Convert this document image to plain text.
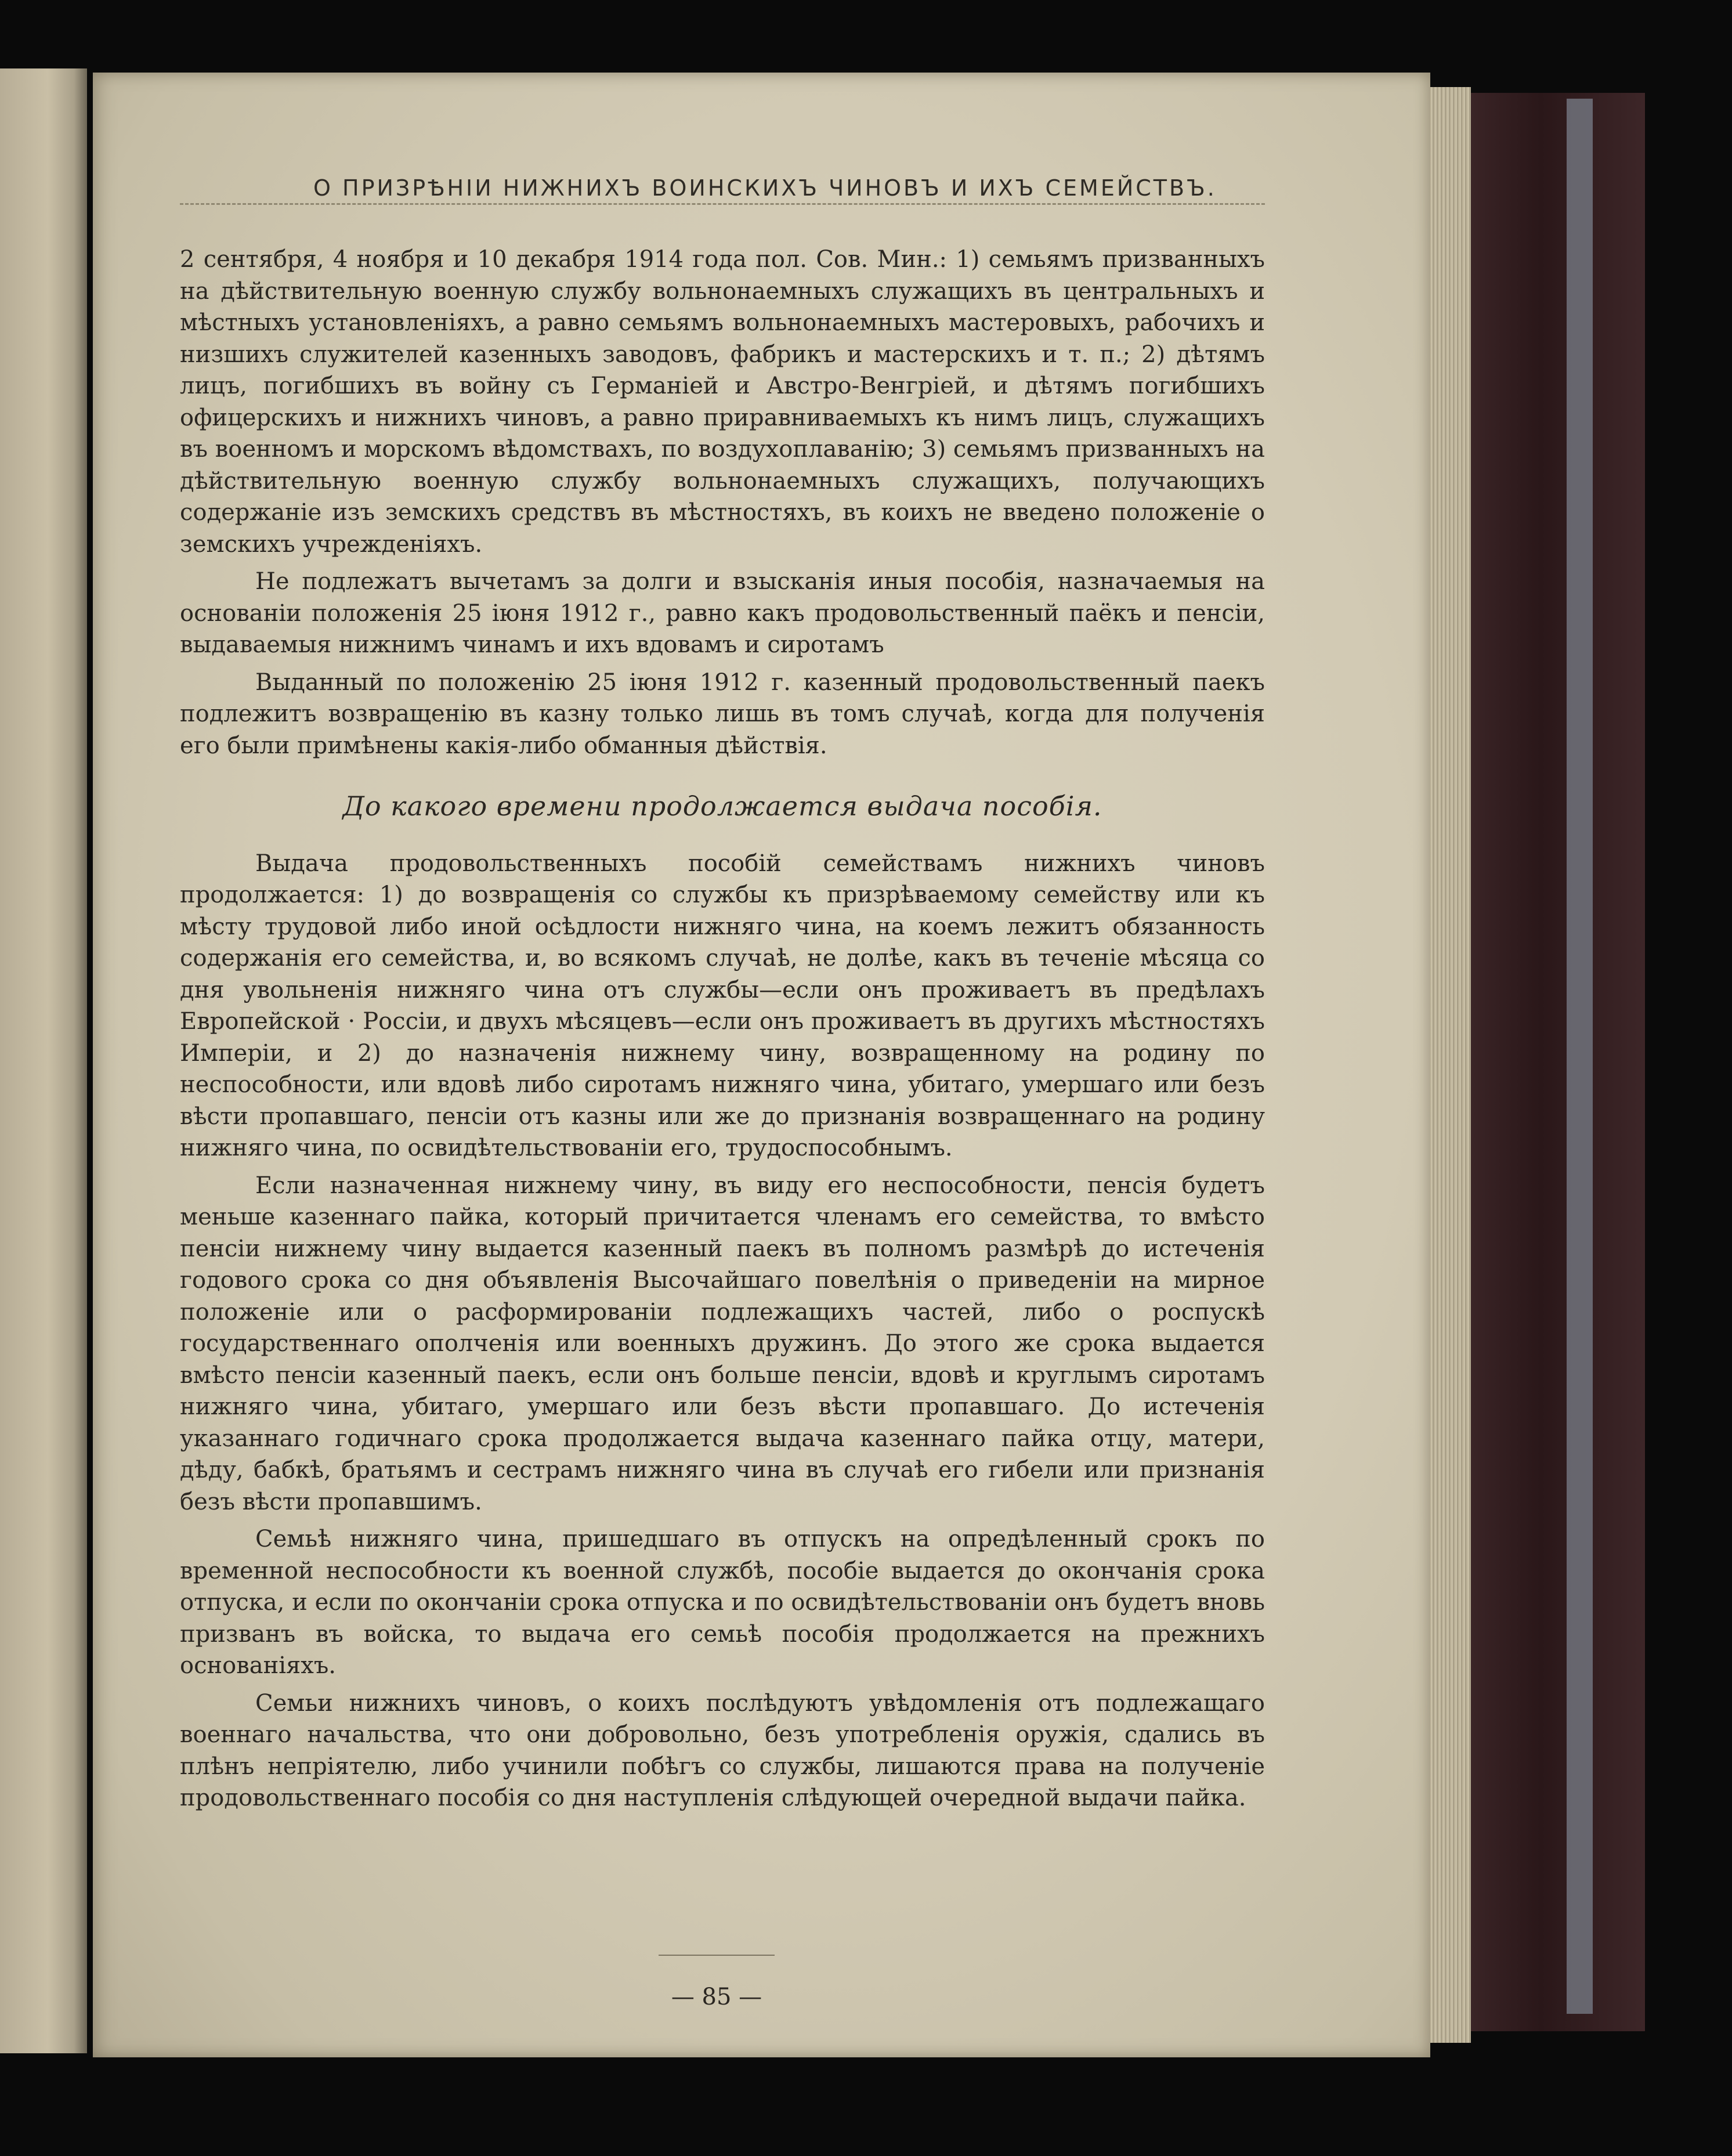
О ПРИЗРѢНІИ НИЖНИХЪ ВОИНСКИХЪ ЧИНОВЪ И ИХЪ СЕМЕЙСТВЪ.

2 сентября, 4 ноября и 10 декабря 1914 года пол. Сов. Мин.: 1) семьямъ призванныхъ на дѣйствительную военную службу вольнонаемныхъ служащихъ въ центральныхъ и мѣстныхъ установленіяхъ, а равно семьямъ вольнонаемныхъ мастеровыхъ, рабочихъ и низшихъ служителей казенныхъ заводовъ, фабрикъ и мастерскихъ и т. п.; 2) дѣтямъ лицъ, погибшихъ въ войну съ Германіей и Австро-Венгріей, и дѣтямъ погибшихъ офицерскихъ и нижнихъ чиновъ, а равно приравниваемыхъ къ нимъ лицъ, служащихъ въ военномъ и морскомъ вѣдомствахъ, по воздухоплаванію; 3) семьямъ призванныхъ на дѣйствительную военную службу вольнонаемныхъ служащихъ, получающихъ содержаніе изъ земскихъ средствъ въ мѣстностяхъ, въ коихъ не введено положеніе о земскихъ учрежденіяхъ.

Не подлежатъ вычетамъ за долги и взысканія иныя пособія, назначаемыя на основаніи положенія 25 іюня 1912 г., равно какъ продовольственный паёкъ и пенсіи, выдаваемыя нижнимъ чинамъ и ихъ вдовамъ и сиротамъ

Выданный по положенію 25 іюня 1912 г. казенный продовольственный паекъ подлежитъ возвращенію въ казну только лишь въ томъ случаѣ, когда для полученія его были примѣнены какія-либо обманныя дѣйствія.

До какого времени продолжается выдача пособія.

Выдача продовольственныхъ пособій семействамъ нижнихъ чиновъ продолжается: 1) до возвращенія со службы къ призрѣваемому семейству или къ мѣсту трудовой либо иной осѣдлости нижняго чина, на коемъ лежитъ обязанность содержанія его семейства, и, во всякомъ случаѣ, не долѣе, какъ въ теченіе мѣсяца со дня увольненія нижняго чина отъ службы—если онъ проживаетъ въ предѣлахъ Европейской · Россіи, и двухъ мѣсяцевъ—если онъ проживаетъ въ другихъ мѣстностяхъ Имперіи, и 2) до назначенія нижнему чину, возвращенному на родину по неспособности, или вдовѣ либо сиротамъ нижняго чина, убитаго, умершаго или безъ вѣсти пропавшаго, пенсіи отъ казны или же до признанія возвращеннаго на родину нижняго чина, по освидѣтельствованіи его, трудоспособнымъ.

Если назначенная нижнему чину, въ виду его неспособности, пенсія будетъ меньше казеннаго пайка, который причитается членамъ его семейства, то вмѣсто пенсіи нижнему чину выдается казенный паекъ въ полномъ размѣрѣ до истеченія годового срока со дня объявленія Высочайшаго повелѣнія о приведеніи на мирное положеніе или о расформированіи подлежащихъ частей, либо о роспускѣ государственнаго ополченія или военныхъ дружинъ. До этого же срока выдается вмѣсто пенсіи казенный паекъ, если онъ больше пенсіи, вдовѣ и круглымъ сиротамъ нижняго чина, убитаго, умершаго или безъ вѣсти пропавшаго. До истеченія указаннаго годичнаго срока продолжается выдача казеннаго пайка отцу, матери, дѣду, бабкѣ, братьямъ и сестрамъ нижняго чина въ случаѣ его гибели или признанія безъ вѣсти пропавшимъ.

Семьѣ нижняго чина, пришедшаго въ отпускъ на опредѣленный срокъ по временной неспособности къ военной службѣ, пособіе выдается до окончанія срока отпуска, и если по окончаніи срока отпуска и по освидѣтельствованіи онъ будетъ вновь призванъ въ войска, то выдача его семьѣ пособія продолжается на прежнихъ основаніяхъ.

Семьи нижнихъ чиновъ, о коихъ послѣдуютъ увѣдомленія отъ подлежащаго военнаго начальства, что они добровольно, безъ употребленія оружія, сдались въ плѣнъ непріятелю, либо учинили побѣгъ со службы, лишаются права на полученіе продовольственнаго пособія со дня наступленія слѣдующей очередной выдачи пайка.

— 85 —
